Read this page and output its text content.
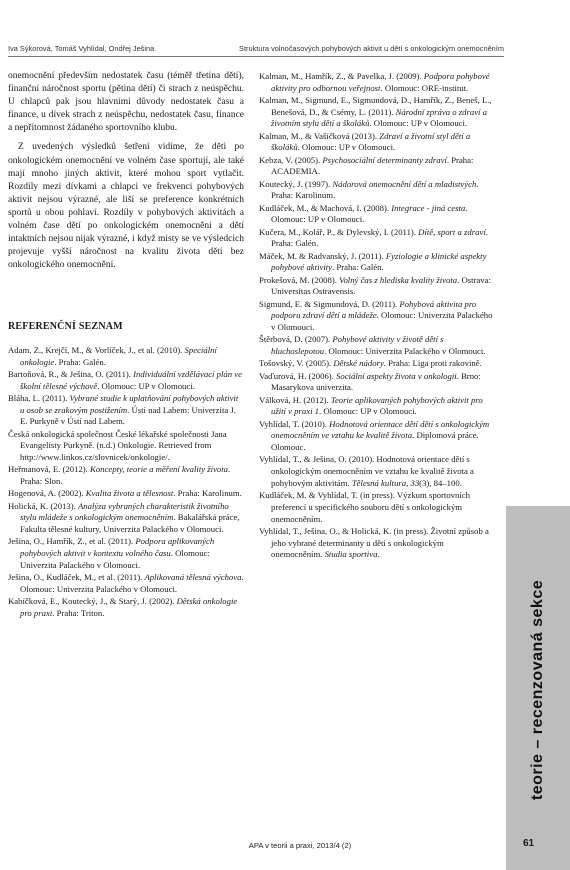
Iva Sýkorová, Tomáš Vyhlídal, Ondřej Ješina	Struktura volnočasových pohybových aktivit u dětí s onkologickým onemocněním

onemocnění především nedostatek času (téměř třetina dětí), finanční náročnost sportu (pětina dětí) či strach z neúspěchu. U chlapců pak jsou hlavními důvody nedostatek času a finance, u dívek strach z neúspěchu, nedostatek času, finance a nepřítomnost žádaného sportovního klubu.

Z uvedených výsledků šetření vidíme, že děti po onkologickém onemocnění ve volném čase sportují, ale také mají mnoho jiných aktivit, které mohou sport vytlačit. Rozdíly mezi dívkami a chlapci ve frekvenci pohybových aktivit nejsou výrazné, ale liší se preference konkrétních sportů u obou pohlaví. Rozdíly v pohybových aktivitách a volném čase dětí po onkologickém onemocnění a dětí intaktních nejsou nijak výrazné, i když misty se ve výsledcich projevuje vyšší náročnost na kvalitu života dětí bez onkologického onemocnění.

REFERENČNÍ SEZNAM

Adam, Z., Krejčí, M., & Vorlíček, J., et al. (2010). Speciální onkologie. Praha: Galén.

Bartoňová, R., & Ješina, O. (2011). Individuální vzdělávací plán ve školní tělesné výchově. Olomouc: UP v Olomouci.

Bláha, L. (2011). Vybrané studie k uplatňování pohybových aktivit u osob se zrakovým postižením. Ústí nad Labem: Univerzita J. E. Purkyně v Ústí nad Labem.

Česká onkologická společnost České lékařské společnosti Jana Evangelisty Purkyně. (n.d.) Onkologie. Retrieved from http://www.linkos.cz/slovnicek/onkologie/.

Heřmanová, E. (2012). Koncepty, teorie a měření kvality života. Praha: Slon.

Hogenová, A. (2002). Kvalita života a tělesnost. Praha: Karolinum.

Holická, K. (2013). Analýza vybraných charakteristik životního stylu mládeže s onkologickým onemocněním. Bakalářská práce, Fakulta tělesné kultury, Univerzita Palackého v Olomouci.

Ješina, O., Hamřík, Z., et al. (2011). Podpora aplikovaných pohybových aktivit v kontextu volného času. Olomouc: Univerzita Palackého v Olomouci.

Ješina, O., Kudláček, M., et al. (2011). Aplikovaná tělesná výchova. Olomouc: Univerzita Palackého v Olomouci.

Kabíčková, E., Koutecký, J., & Starý, J. (2002). Dětská onkologie pro praxi. Praha: Triton.

Kalman, M., Hamřík, Z., & Pavelka, J. (2009). Podpora pohybové aktivity pro odbornou veřejnost. Olomouc: ORE-institut.

Kalman, M., Sigmund, E., Sigmundová, D., Hamřík, Z., Beneš, L., Benešová, D., & Csémy, L. (2011). Národní zpráva o zdraví a životním stylu dětí a školáků. Olomouc: UP v Olomouci.

Kalman, M., & Vašíčková (2013). Zdraví a životní styl dětí a školáků. Olomouc: UP v Olomouci.

Kebza, V. (2005). Psychosociální determinanty zdraví. Praha: ACADEMIA.

Koutecký, J. (1997). Nádorová onemocnění dětí a mladistvých. Praha: Karolinum.

Kudláček, M., & Machová, I. (2008). Integrace - jiná cesta. Olomouc: UP v Olomouci.

Kučera, M., Kolář, P., & Dylevský, I. (2011). Dítě, sport a zdraví. Praha: Galén.

Máček, M. & Radvanský, J. (2011). Fyziologie a klinické aspekty pohybové aktivity. Praha: Galén.

Prokešová, M. (2008). Volný čas z hlediska kvality života. Ostrava: Universitas Ostravensis.

Sigmund, E. & Sigmundová, D. (2011). Pohybová aktivita pro podporu zdraví dětí a mládeže. Olomouc: Univerzita Palackého v Olomouci.

Štěrbová, D. (2007). Pohybové aktivity v životě dětí s hluchoslepotou. Olomouc: Univerzita Palackého v Olomouci.

Tošovský, V. (2005). Dětské nádory. Praha: Liga proti rakovině.

Vaďurová, H. (2006). Sociální aspekty života v onkologii. Brno: Masarykova univerzita.

Válková, H. (2012). Teorie aplikovaných pohybových aktivit pro užití v praxi 1. Olomouc: UP v Olomouci.

Vyhlídal, T. (2010). Hodnotová orientace dětí dětí s onkologickým onemocněním ve vztahu ke kvalitě života. Diplomová práce. Olomouc.

Vyhlídal, T., & Ješina, O. (2010). Hodnotová orientace dětí s onkologickým onemocněním ve vztahu ke kvalitě života a pohybovým aktivitám. Tělesná kultura, 33(3), 84–100.

Kudláček, M. & Vyhlídal, T. (in press). Výzkum sportovních preferencí u specifického souboru dětí s onkologickým onemocněním.

Vyhlídal, T., Ješina, O., & Holická, K. (in press). Životní způsob a jeho vybrané determinanty u dětí s onkologickým onemocněním. Studia sportiva.

teorie – recenzovaná sekce
APA v teorii a praxi, 2013/4 (2)	61
